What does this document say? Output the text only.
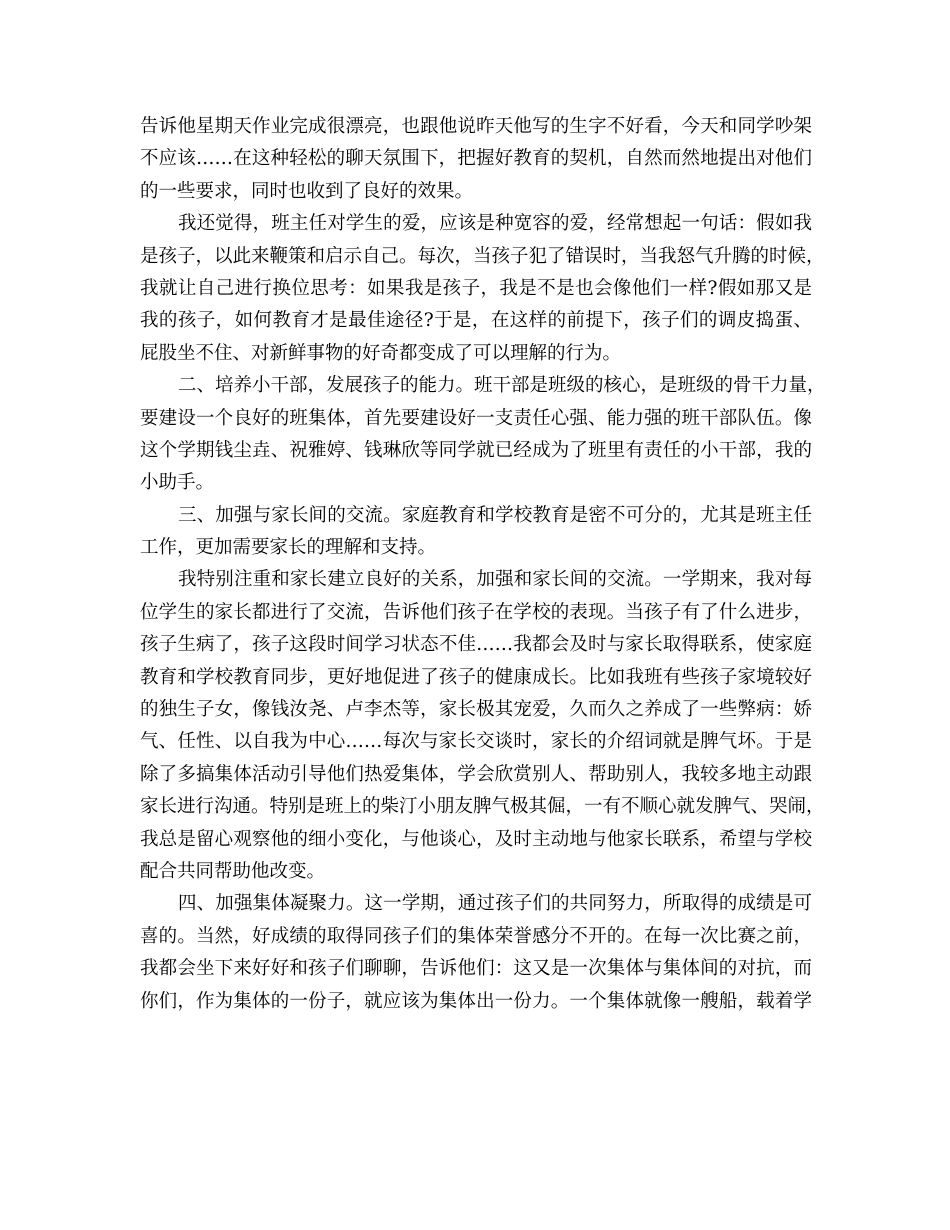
告诉他星期天作业完成很漂亮，也跟他说昨天他写的生字不好看，今天和同学吵架
不应该……在这种轻松的聊天氛围下，把握好教育的契机，自然而然地提出对他们
的一些要求，同时也收到了良好的效果。
我还觉得，班主任对学生的爱，应该是种宽容的爱，经常想起一句话：假如我
是孩子，以此来鞭策和启示自己。每次，当孩子犯了错误时，当我怒气升腾的时候，
我就让自己进行换位思考：如果我是孩子，我是不是也会像他们一样?假如那又是
我的孩子，如何教育才是最佳途径?于是，在这样的前提下，孩子们的调皮捣蛋、
屁股坐不住、对新鲜事物的好奇都变成了可以理解的行为。
二、培养小干部，发展孩子的能力。班干部是班级的核心，是班级的骨干力量，
要建设一个良好的班集体，首先要建设好一支责任心强、能力强的班干部队伍。像
这个学期钱尘垚、祝雅婷、钱琳欣等同学就已经成为了班里有责任的小干部，我的
小助手。
三、加强与家长间的交流。家庭教育和学校教育是密不可分的，尤其是班主任
工作，更加需要家长的理解和支持。
我特别注重和家长建立良好的关系，加强和家长间的交流。一学期来，我对每
位学生的家长都进行了交流，告诉他们孩子在学校的表现。当孩子有了什么进步，
孩子生病了，孩子这段时间学习状态不佳……我都会及时与家长取得联系，使家庭
教育和学校教育同步，更好地促进了孩子的健康成长。比如我班有些孩子家境较好
的独生子女，像钱汝尧、卢李杰等，家长极其宠爱，久而久之养成了一些弊病：娇
气、任性、以自我为中心……每次与家长交谈时，家长的介绍词就是脾气坏。于是
除了多搞集体活动引导他们热爱集体，学会欣赏别人、帮助别人，我较多地主动跟
家长进行沟通。特别是班上的柴汀小朋友脾气极其倔，一有不顺心就发脾气、哭闹，
我总是留心观察他的细小变化，与他谈心，及时主动地与他家长联系，希望与学校
配合共同帮助他改变。
四、加强集体凝聚力。这一学期，通过孩子们的共同努力，所取得的成绩是可
喜的。当然，好成绩的取得同孩子们的集体荣誉感分不开的。在每一次比赛之前，
我都会坐下来好好和孩子们聊聊，告诉他们：这又是一次集体与集体间的对抗，而
你们，作为集体的一份子，就应该为集体出一份力。一个集体就像一艘船，载着学
